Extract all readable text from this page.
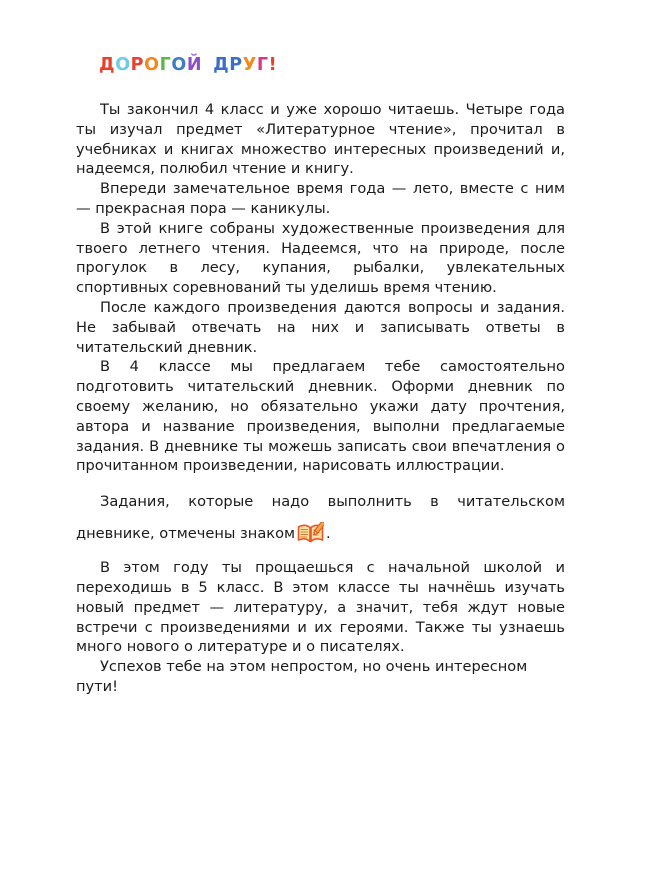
ДОРОГОЙ ДРУГ!

Ты закончил 4 класс и уже хорошо читаешь. Четыре года ты изучал предмет «Литературное чтение», прочитал в учебниках и книгах множество интересных произведений и, надеемся, полюбил чтение и книгу.

Впереди замечательное время года — лето, вместе с ним — прекрасная пора — каникулы.

В этой книге собраны художественные произведения для твоего летнего чтения. Надеемся, что на природе, после прогулок в лесу, купания, рыбалки, увлекательных спортивных соревнований ты уделишь время чтению.

После каждого произведения даются вопросы и задания. Не забывай отвечать на них и записывать ответы в читательский дневник.

В 4 классе мы предлагаем тебе самостоятельно подготовить читательский дневник. Оформи дневник по своему желанию, но обязательно укажи дату прочтения, автора и название произведения, выполни предлагаемые задания. В дневнике ты можешь записать свои впечатления о прочитанном произведении, нарисовать иллюстрации.

Задания, которые надо выполнить в читательском дневнике, отмечены знаком .

В этом году ты прощаешься с начальной школой и переходишь в 5 класс. В этом классе ты начнёшь изучать новый предмет — литературу, а значит, тебя ждут новые встречи с произведениями и их героями. Также ты узнаешь много нового о литературе и о писателях.

Успехов тебе на этом непростом, но очень интересном пути!
